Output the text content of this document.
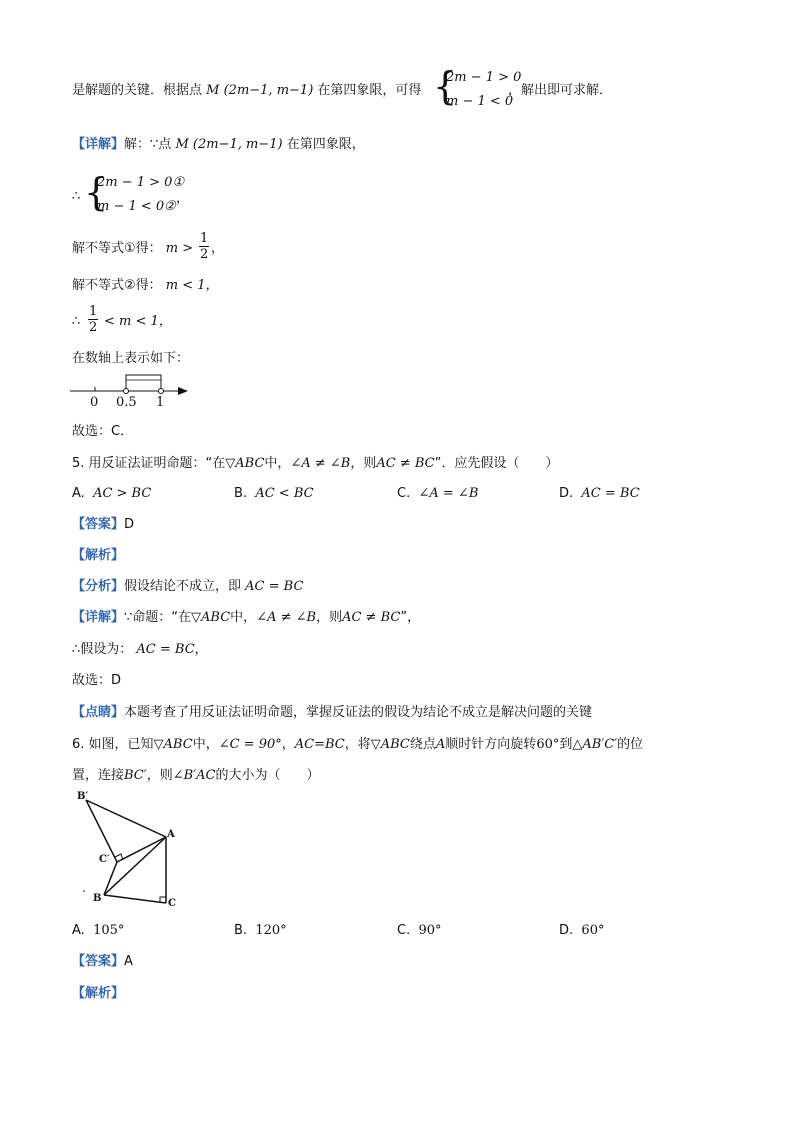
是解题的关键．根据点 M (2m−1, m−1) 在第四象限，可得 {
2m − 1 > 0
m − 1 < 0
，解出即可求解．
【详解】解：∵点 M (2m−1, m−1) 在第四象限，
∴ {
2m − 1 > 0①
m − 1 < 0②
，
解不等式①得： $m > \frac{1}{2}$ ，
解不等式②得： m < 1，
∴ $\frac{1}{2} < m < 1$，
在数轴上表示如下：
0 0.5 1
故选：C．
5. 用反证法证明命题：“在▽ABC中，∠A ≠ ∠B，则AC ≠ BC”．应先假设（　　）
A. AC > BC	B. AC < BC	C. ∠A = ∠B	D. AC = BC
【答案】D
【解析】
【分析】假设结论不成立，即 AC = BC
【详解】∵命题：“在▽ABC中，∠A ≠ ∠B，则AC ≠ BC”，
∴假设为： AC = BC，
故选：D
【点睛】本题考查了用反证法证明命题，掌握反证法的假设为结论不成立是解决问题的关键
6. 如图，已知▽ABC中，∠C = 90°，AC=BC，将▽ABC绕点A顺时针方向旋转60°到△AB′C′的位
置，连接BC′，则∠B′AC的大小为（　　）
B′
A
C′
B	C
A. 105°	B. 120°	C. 90°	D. 60°
【答案】A
【解析】
